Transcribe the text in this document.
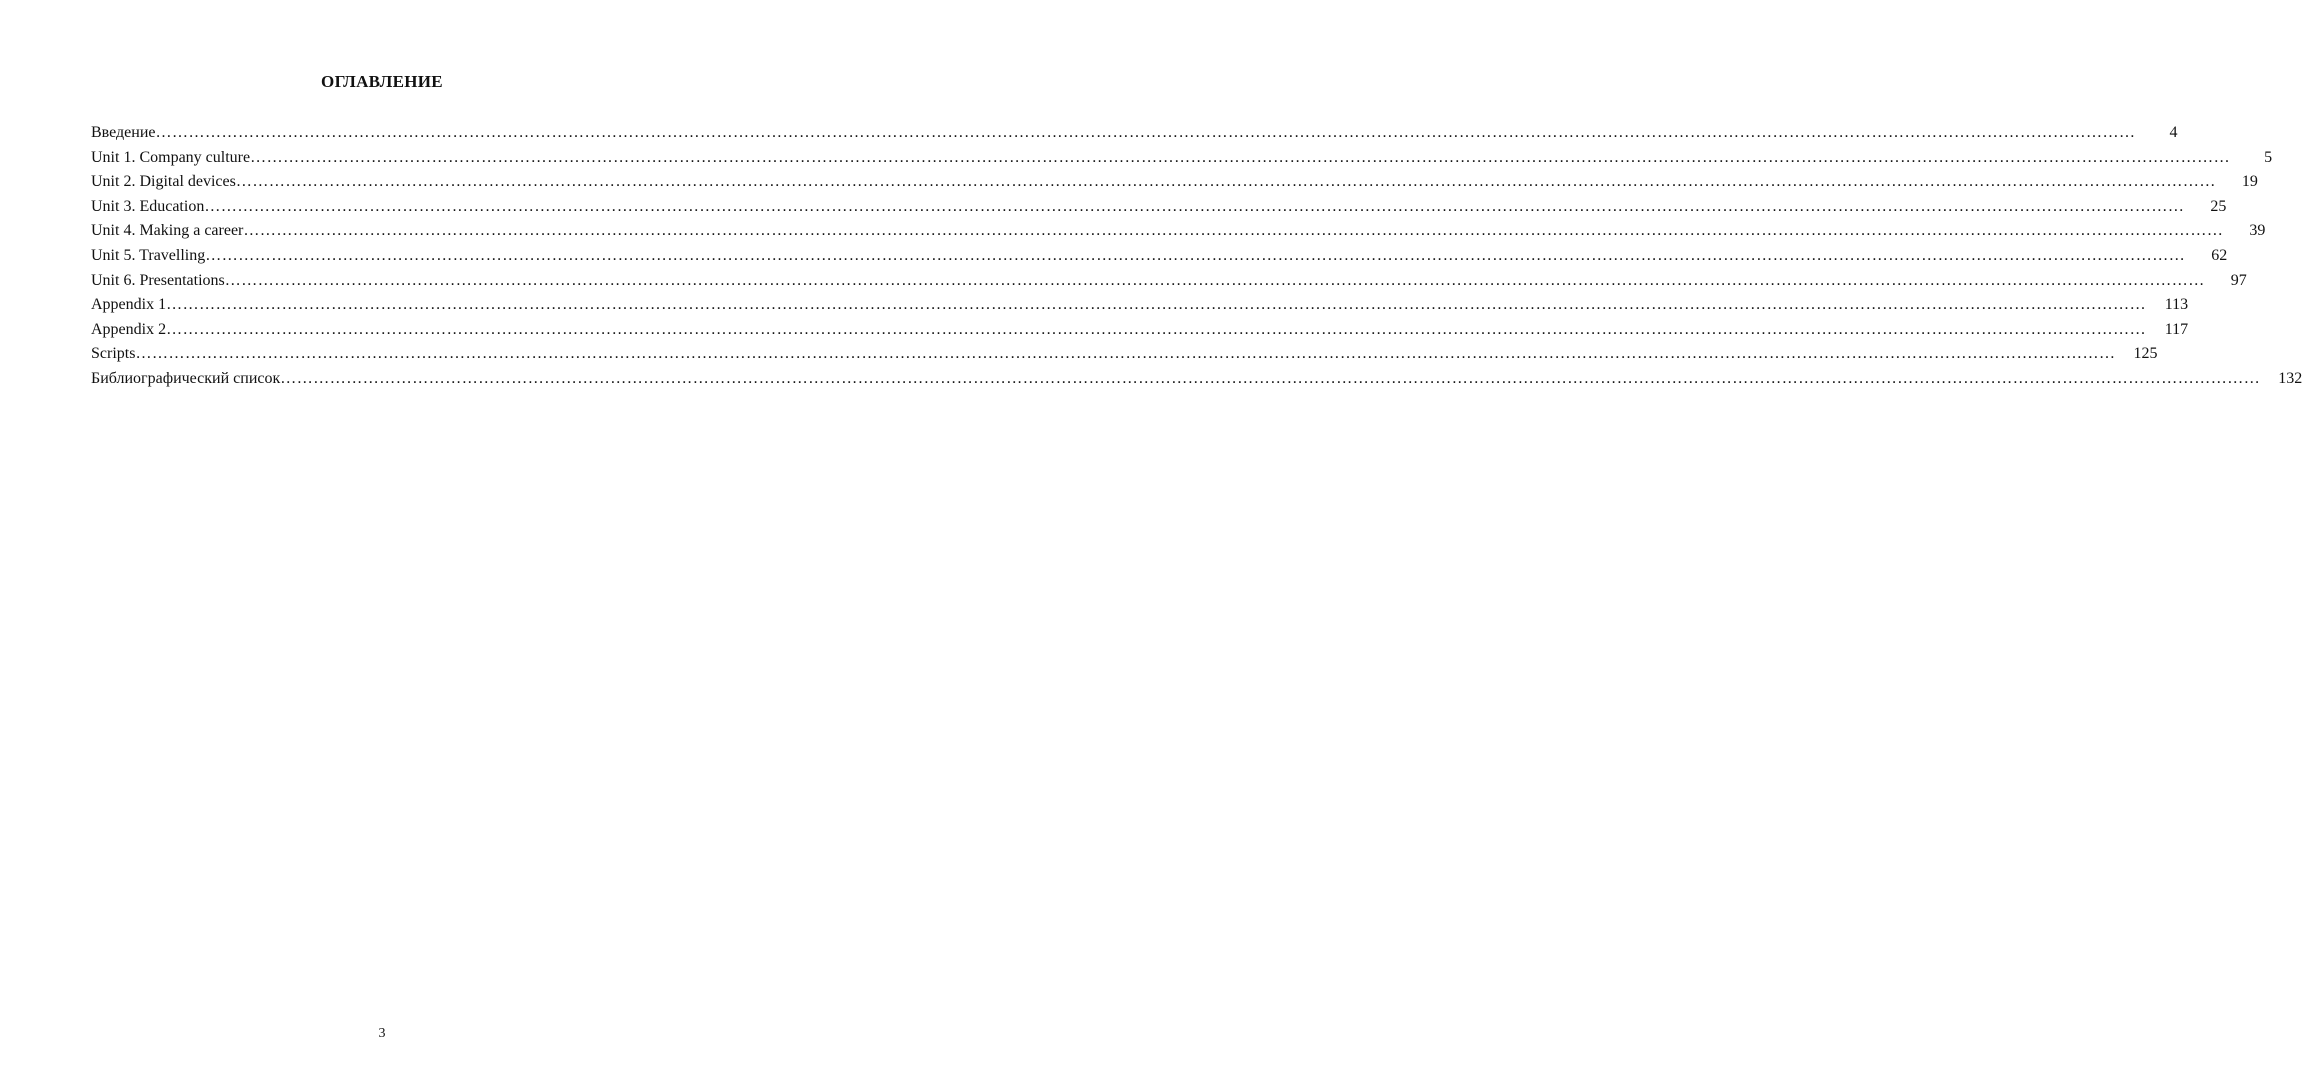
ОГЛАВЛЕНИЕ
Введение ………………………………………………………………………………………………………………………………………………………………………………………………………………………………………………………………………………………………………………………………	4
Unit 1. Company culture ………………………………………………………………………………………………………………………………………………………………………………………………………………………………………………………………………………………………………………………………	5
Unit 2. Digital devices ………………………………………………………………………………………………………………………………………………………………………………………………………………………………………………………………………………………………………………………………	19
Unit 3. Education ………………………………………………………………………………………………………………………………………………………………………………………………………………………………………………………………………………………………………………………………	25
Unit 4. Making a career ………………………………………………………………………………………………………………………………………………………………………………………………………………………………………………………………………………………………………………………………	39
Unit 5. Travelling ………………………………………………………………………………………………………………………………………………………………………………………………………………………………………………………………………………………………………………………………	62
Unit 6. Presentations ………………………………………………………………………………………………………………………………………………………………………………………………………………………………………………………………………………………………………………………………	97
Appendix 1 ………………………………………………………………………………………………………………………………………………………………………………………………………………………………………………………………………………………………………………………………	113
Appendix 2 ………………………………………………………………………………………………………………………………………………………………………………………………………………………………………………………………………………………………………………………………	117
Scripts ………………………………………………………………………………………………………………………………………………………………………………………………………………………………………………………………………………………………………………………………	125
Библиографический список ………………………………………………………………………………………………………………………………………………………………………………………………………………………………………………………………………………………………………………………………	132
3
